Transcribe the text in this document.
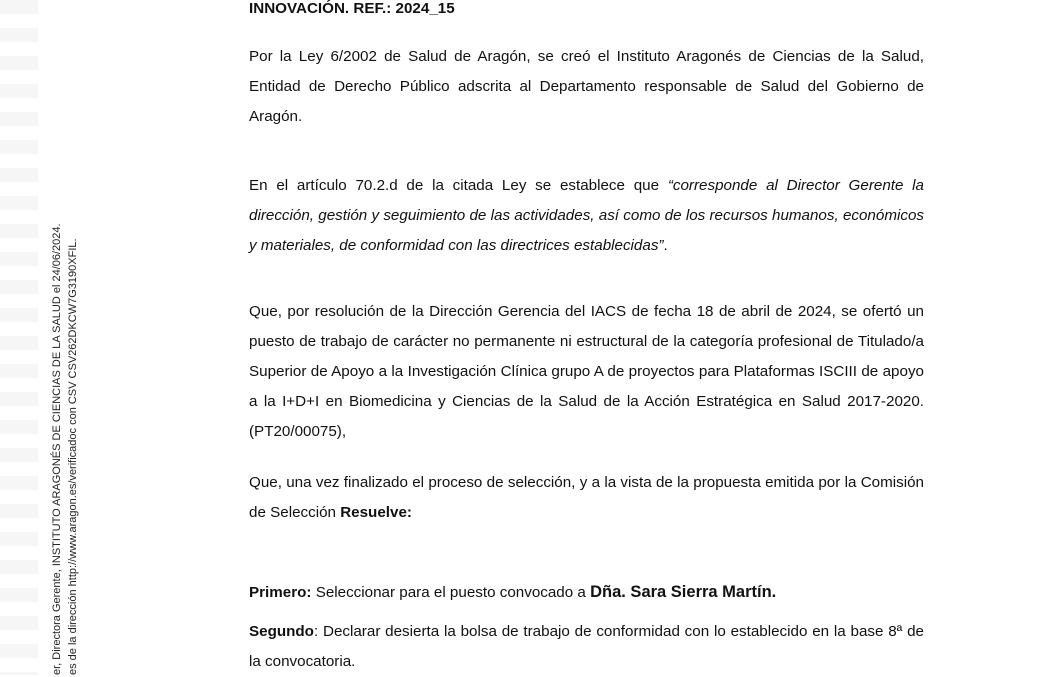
er, Directora Gerente, INSTITUTO ARAGONÉS DE CIENCIAS DE LA SALUD el 24/06/2024. es de la dirección http://www.aragon.es/verificadoc con CSV CSV262DKCW7G3190XFIL.

INNOVACIÓN. REF.: 2024_15

Por la Ley 6/2002 de Salud de Aragón, se creó el Instituto Aragonés de Ciencias de la Salud, Entidad de Derecho Público adscrita al Departamento responsable de Salud del Gobierno de Aragón.

En el artículo 70.2.d de la citada Ley se establece que “corresponde al Director Gerente la dirección, gestión y seguimiento de las actividades, así como de los recursos humanos, económicos y materiales, de conformidad con las directrices establecidas”.

Que, por resolución de la Dirección Gerencia del IACS de fecha 18 de abril de 2024, se ofertó un puesto de trabajo de carácter no permanente ni estructural de la categoría profesional de Titulado/a Superior de Apoyo a la Investigación Clínica grupo A de proyectos para Plataformas ISCIII de apoyo a la I+D+I en Biomedicina y Ciencias de la Salud de la Acción Estratégica en Salud 2017-2020. (PT20/00075),

Que, una vez finalizado el proceso de selección, y a la vista de la propuesta emitida por la Comisión de Selección Resuelve:

Primero: Seleccionar para el puesto convocado a Dña. Sara Sierra Martín.

Segundo: Declarar desierta la bolsa de trabajo de conformidad con lo establecido en la base 8ª de la convocatoria.
